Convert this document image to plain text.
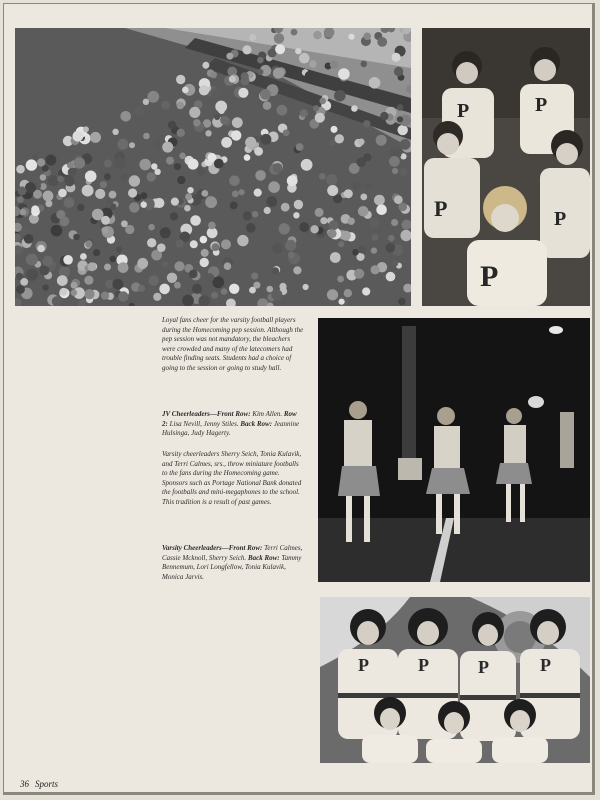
P
P
P	P
P
P	P	P	P

Loyal fans cheer for the varsity football players during the Homecoming pep session. Although the pep session was not mandatory, the bleachers were crowded and many of the latecomers had trouble finding seats. Students had a choice of going to the session or going to study hall.

JV Cheerleaders—Front Row: Kim Allen. Row 2: Lisa Nevill, Jenny Stiles. Back Row: Jeannine Hulsinga, Judy Hagerty.

Varsity cheerleaders Sherry Seich, Tonia Kulavik, and Terri Calmes, srs., throw miniature footballs to the fans during the Homecoming game. Sponsors such as Portage National Bank donated the footballs and mini-megaphones to the school. This tradition is a result of past games.

Varsity Cheerleaders—Front Row: Terri Calmes, Cassie Mcknoll, Sherry Seich. Back Row: Tammy Bennemum, Lori Longfellow, Tonia Kulavik, Monica Jarvis.

36 Sports
